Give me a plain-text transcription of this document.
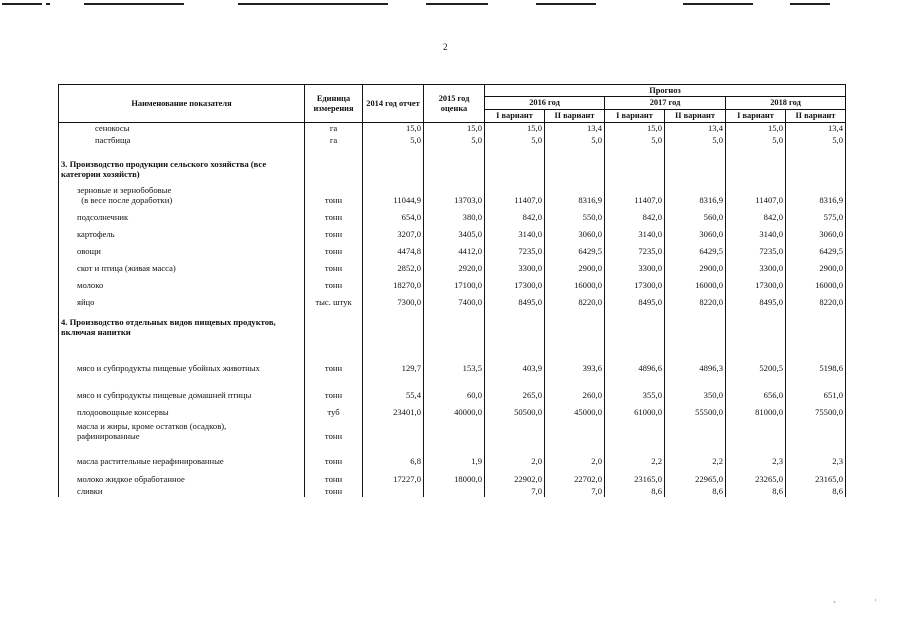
2
Наименование показателя	Единица измерения	2014 год отчет	2015 год оценка	Прогноз					
				2016 год		2017 год		2018 год	
				I вариант	II вариант	I вариант	II вариант	I вариант	II вариант
сенокосы	га	15,0	15,0	15,0	13,4	15,0	13,4	15,0	13,4
пастбища	га	5,0	5,0	5,0	5,0	5,0	5,0	5,0	5,0
3. Производство продукции сельского хозяйства (все категории хозяйств)									
зерновые и зернобобовые
(в весе после доработки)	тонн	11044,9	13703,0	11407,0	8316,9	11407,0	8316,9	11407,0	8316,9
подсолнечник	тонн	654,0	380,0	842,0	550,0	842,0	560,0	842,0	575,0
картофель	тонн	3207,0	3405,0	3140,0	3060,0	3140,0	3060,0	3140,0	3060,0
овощи	тонн	4474,8	4412,0	7235,0	6429,5	7235,0	6429,5	7235,0	6429,5
скот и птица (живая масса)	тонн	2852,0	2920,0	3300,0	2900,0	3300,0	2900,0	3300,0	2900,0
молоко	тонн	18270,0	17100,0	17300,0	16000,0	17300,0	16000,0	17300,0	16000,0
яйцо	тыс. штук	7300,0	7400,0	8495,0	8220,0	8495,0	8220,0	8495,0	8220,0
4. Производство отдельных видов пищевых продуктов, включая напитки									
мясо и субпродукты пищевые убойных животных	тонн	129,7	153,5	403,9	393,6	4896,6	4896,3	5200,5	5198,6
мясо и субпродукты пищевые домашней птицы	тонн	55,4	60,0	265,0	260,0	355,0	350,0	656,0	651,0
плодоовощные консервы	туб	23401,0	40000,0	50500,0	45000,0	61000,0	55500,0	81000,0	75500,0
масла и жиры, кроме остатков (осадков),
рафинированные	тонн								
масла растительные нерафинированные	тонн	6,8	1,9	2,0	2,0	2,2	2,2	2,3	2,3
молоко жидкое обработанное	тонн	17227,0	18000,0	22902,0	22702,0	23165,0	22965,0	23265,0	23165,0
сливки	тонн			7,0	7,0	8,6	8,6	8,6	8,6
ˋ	˙
